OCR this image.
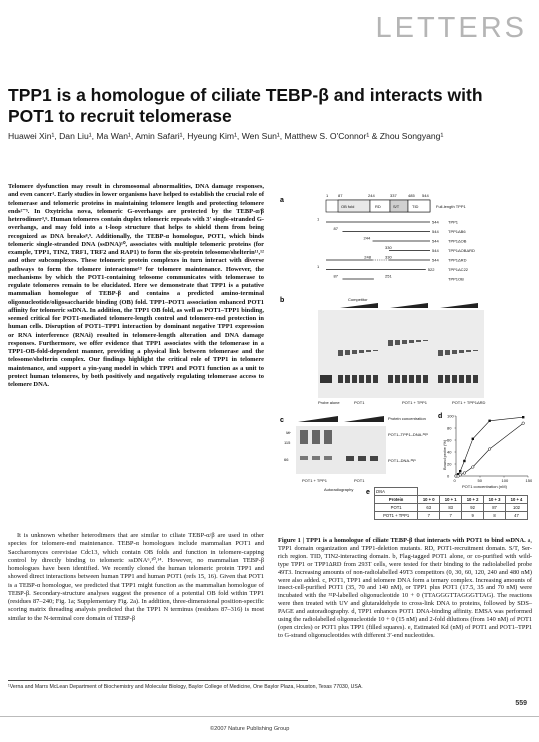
LETTERS
TPP1 is a homologue of ciliate TEBP-β and interacts with POT1 to recruit telomerase
Huawei Xin¹, Dan Liu¹, Ma Wan¹, Amin Safari¹, Hyeung Kim¹, Wen Sun¹, Matthew S. O'Connor¹ & Zhou Songyang¹
Telomere dysfunction may result in chromosomal abnormalities, DNA damage responses, and even cancer¹. Early studies in lower organisms have helped to establish the crucial role of telomerase and telomeric proteins in maintaining telomere length and protecting telomere ends²⁻⁵. In Oxytricha nova, telomeric G-overhangs are protected by the TEBP-α/β heterodimer³,⁶. Human telomeres contain duplex telomeric repeats with 3′ single-stranded G-overhangs, and may fold into a t-loop structure that helps to shield them from being recognized as DNA breaks⁸,⁹. Additionally, the TEBP-α homologue, POT1, which binds telomeric single-stranded DNA (ssDNA)¹⁰, associates with multiple telomeric proteins (for example, TPP1, TIN2, TRF1, TRF2 and RAP1) to form the six-protein telosome/shelterin¹¹,¹² and other subcomplexes. These telomeric protein complexes in turn interact with diverse pathways to form the telomere interactome¹³ for telomere maintenance. However, the mechanisms by which the POT1-containing telosome communicates with telomerase to regulate telomeres remain to be elucidated. Here we demonstrate that TPP1 is a putative mammalian homologue of TEBP-β and contains a predicted amino-terminal oligonucleotide/oligosaccharide binding (OB) fold. TPP1–POT1 association enhanced POT1 affinity for telomeric ssDNA. In addition, the TPP1 OB fold, as well as POT1–TPP1 binding, seemed critical for POT1-mediated telomere-length control and telomere-end protection in human cells. Disruption of POT1–TPP1 interaction by dominant negative TPP1 expression or RNA interference (RNAi) resulted in telomere-length alteration and DNA damage responses. Furthermore, we offer evidence that TPP1 associates with the telomerase in a TPP1-OB-fold-dependent manner, providing a physical link between telomerase and the telosome/shelterin complex. Our findings highlight the critical role of TPP1 in telomere maintenance, and support a yin-yang model in which TPP1 and POT1 function as a unit to protect human telomeres, by both positively and negatively regulating telomerase access to telomere DNA.

It is unknown whether heterodimers that are similar to ciliate TEBP-α/β are used in other species for telomere-end maintenance. TEBP-α homologues include mammalian POT1 and Saccharomyces cerevisiae Cdc13, which contain OB folds and function in telomere-capping control by directly binding to telomeric ssDNA⁶,¹⁰,¹⁴. However, no mammalian TEBP-β homologues have been identified. We recently cloned the human telomeric protein TPP1 and showed direct interactions between human TPP1 and human POT1 (refs 15, 16). Given that POT1 is a TEBP-α homologue, we predicted that TPP1 might function as the mammalian homologue of TEBP-β. Secondary-structure analyses suggest the presence of a potential OB fold within TPP1 (residues 87–240; Fig. 1a; Supplementary Fig. 2a). In addition, three-dimensional position-specific scoring matrix threading analysis predicted that the TPP1 N terminus (residues 87–316) is most similar to the N-terminal core domain of TEBP-β

a
1 87	244	337	485 544
OB fold	RD	S/T	TID	Full-length TPP1
1
544 TPP1
87
544 TPP1ΔB6
244
544 TPP1ΔOB
330
544 TPP1ΔOBΔRD
248	330
544 TPP1ΔRD
1
522	TPP1ΔC22
87	251
TPP1OB
b	Competitor
Probe alone	POT1	POT1 + TPP1	POT1 + TPP1ΔRD
c
Mr
115
66
Protein concentration
POT1–TPP1–DNA-³²P
POT1–DNA-³²P
POT1 + TPP1	POT1
Autoradiography
d
Bound probe (%)
POT1 concentration (nM)
0	50	100	150
0
20
40
60
80
100
e DNA	
Protein	10 + 0	10 + 1	10 + 2	10 + 3	10 + 4
POT1	63	83	92	87	102
POT1 + TPP1	7	7	9	8	47
Figure 1 | TPP1 is a homologue of ciliate TEBP-β that interacts with POT1 to bind ssDNA. a, TPP1 domain organization and TPP1-deletion mutants. RD, POT1-recruitment domain. S/T, Ser-rich region. TID, TIN2-interacting domain. b, Flag-tagged POT1 alone, or co-purified with wild-type TPP1 or TPP1ΔRD from 293T cells, were tested for their binding to the radiolabelled probe 49T3. Increasing amounts of non-radiolabelled 49T3 competitors (0, 30, 60, 120, 240 and 480 nM) were also added. c, POT1, TPP1 and telomere DNA form a ternary complex. Increasing amounts of insect-cell-purified POT1 (35, 70 and 140 nM), or TPP1 plus POT1 (17.5, 35 and 70 nM) were incubated with the ³²P-labelled oligonucleotide 10 + 0 (TTAGGGTTAGGGTTAG). The reactions were then treated with UV and glutaraldehyde to cross-link DNA to proteins, followed by SDS–PAGE and autoradiography. d, TPP1 enhances POT1 DNA-binding affinity. EMSA was performed using the radiolabelled oligonucleotide 10 + 0 (15 nM) and 2-fold dilutions (from 140 nM) of POT1 (open circles) or POT1 plus TPP1 (filled squares). e, Estimated Kd (nM) of POT1 and POT1–TPP1 to G-strand oligonucleotides with different 3′-end nucleotides.
¹Verna and Marrs McLean Department of Biochemistry and Molecular Biology, Baylor College of Medicine, One Baylor Plaza, Houston, Texas 77030, USA.
559
©2007 Nature Publishing Group
